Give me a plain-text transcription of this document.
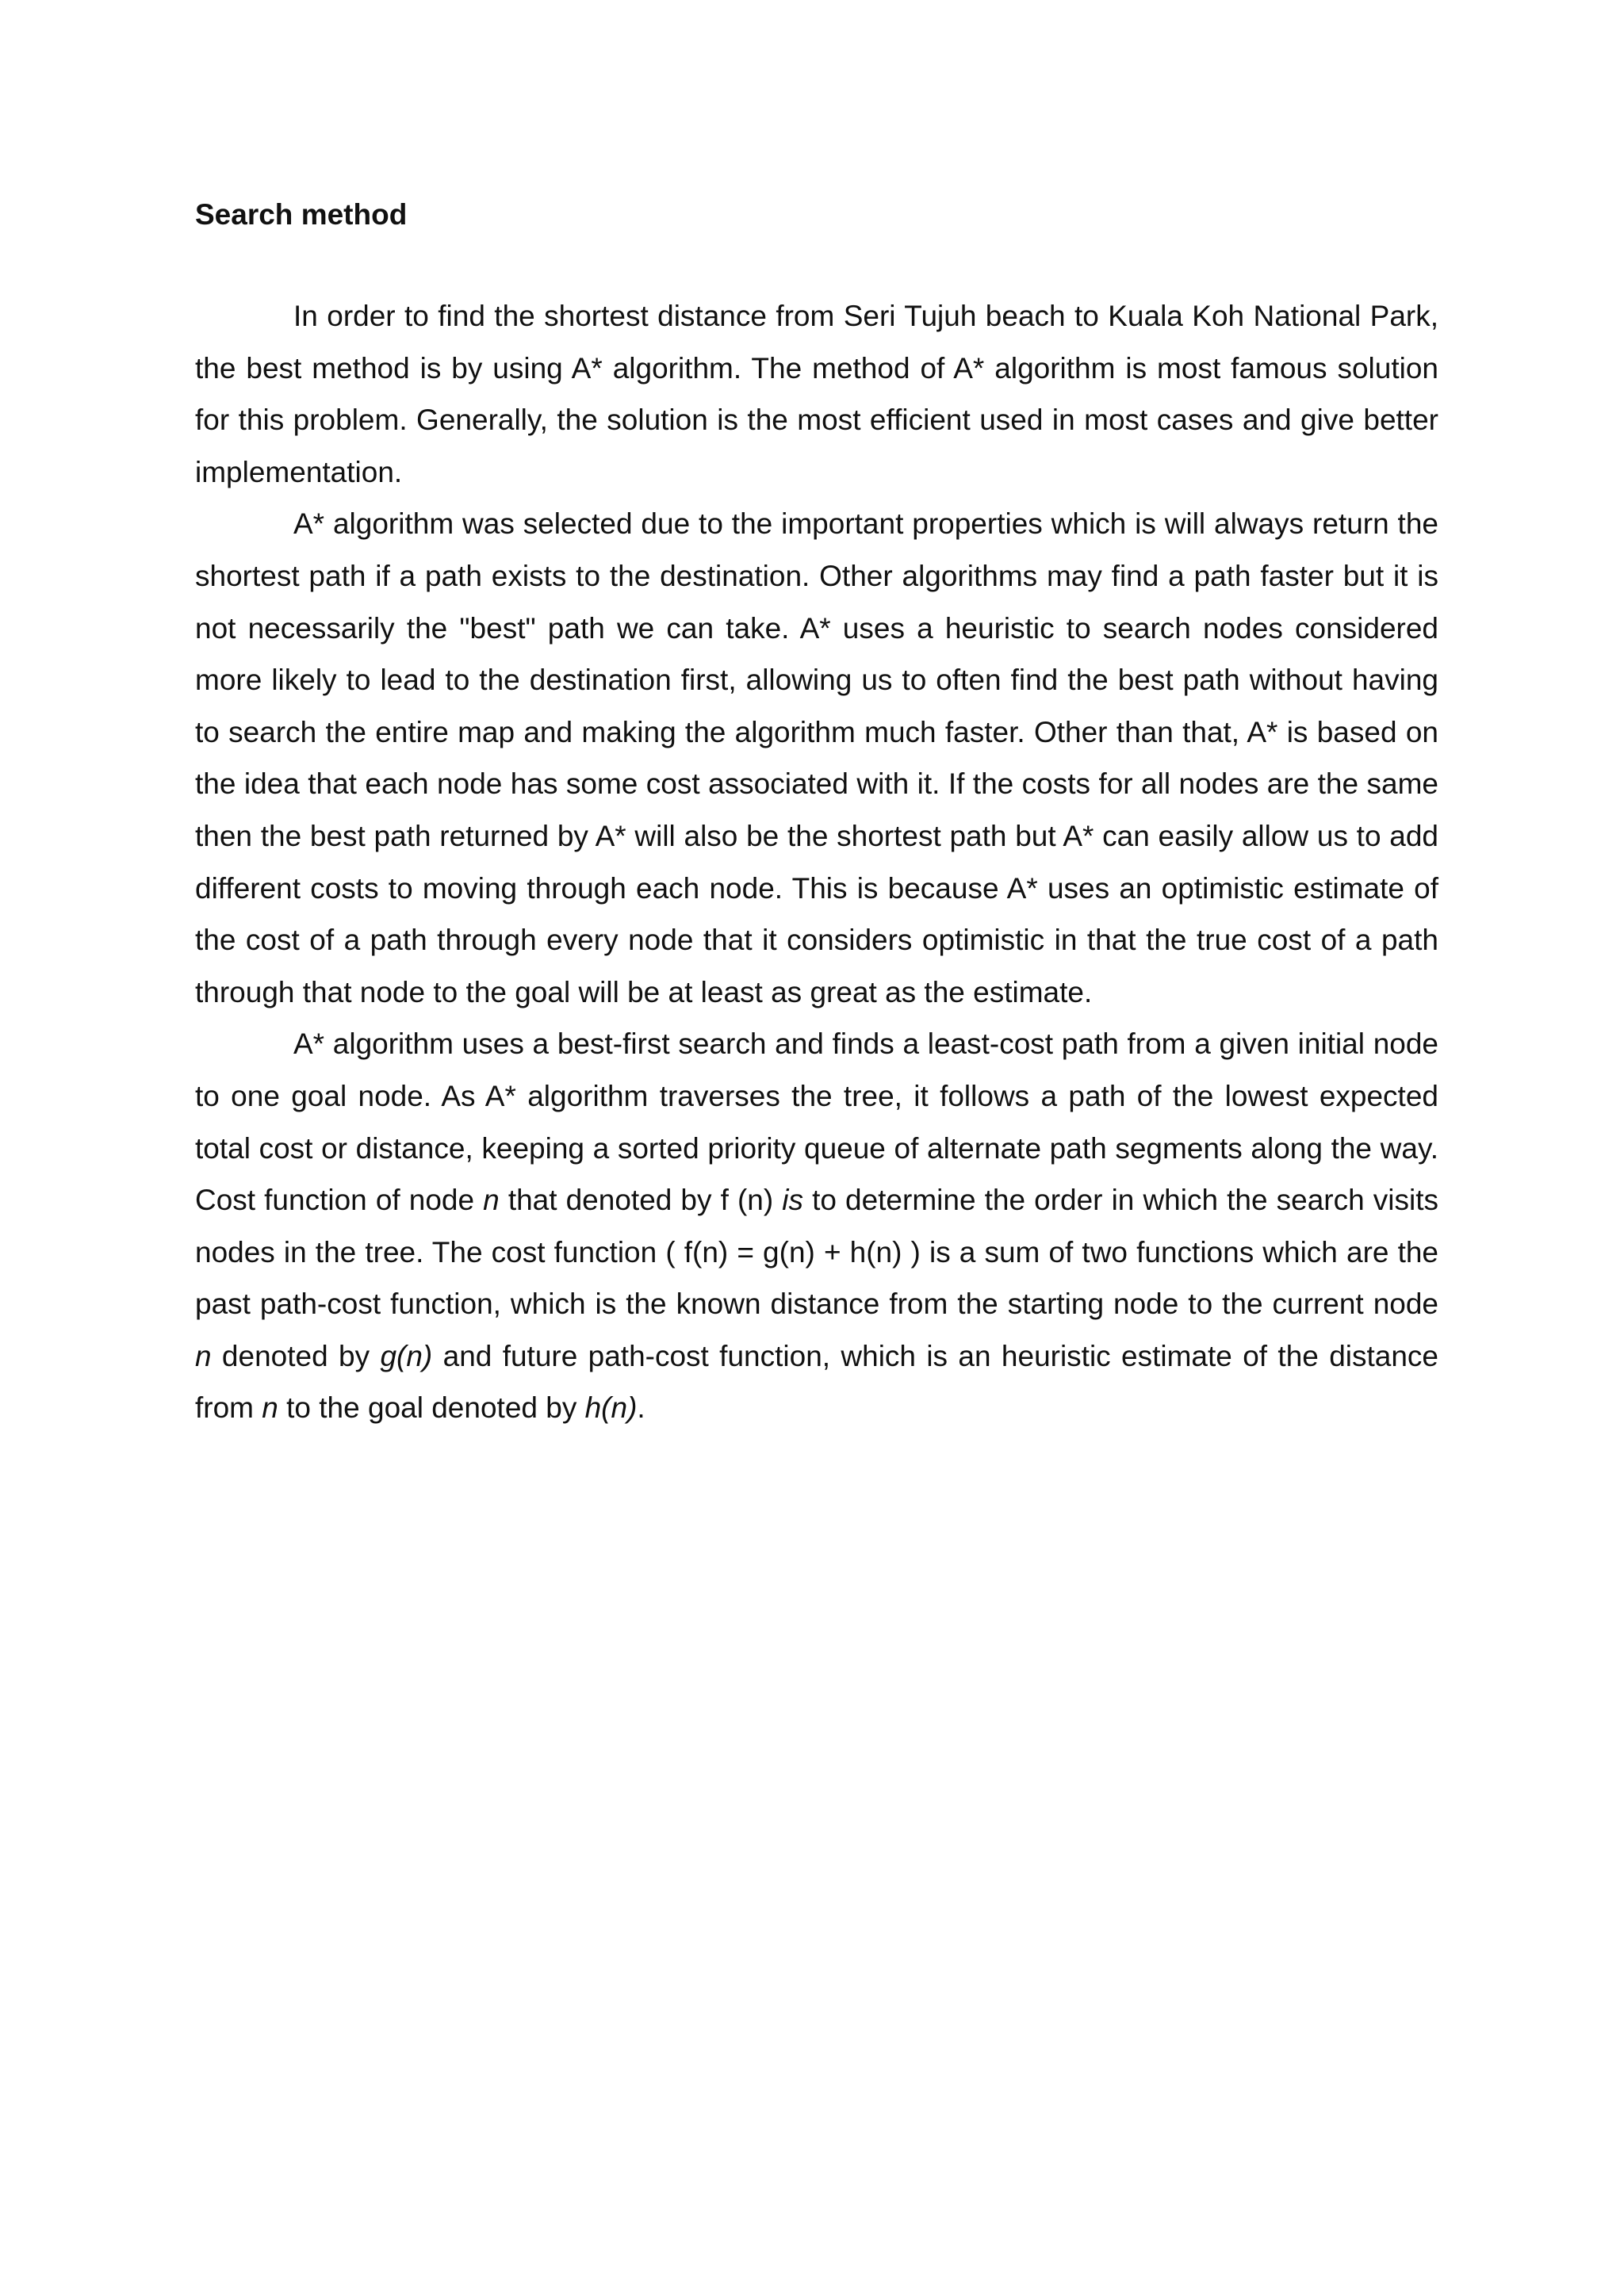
Search method

In order to find the shortest distance from Seri Tujuh beach to Kuala Koh National Park, the best method is by using A* algorithm. The method of A* algorithm is most famous solution for this problem. Generally, the solution is the most efficient used in most cases and give better implementation.

A* algorithm was selected due to the important properties which is will always return the shortest path if a path exists to the destination. Other algorithms may find a path faster but it is not necessarily the "best" path we can take. A* uses a heuristic to search nodes considered more likely to lead to the destination first, allowing us to often find the best path without having to search the entire map and making the algorithm much faster. Other than that, A* is based on the idea that each node has some cost associated with it. If the costs for all nodes are the same then the best path returned by A* will also be the shortest path but A* can easily allow us to add different costs to moving through each node. This is because A* uses an optimistic estimate of the cost of a path through every node that it considers optimistic in that the true cost of a path through that node to the goal will be at least as great as the estimate.

A* algorithm uses a best-first search and finds a least-cost path from a given initial node to one goal node. As A* algorithm traverses the tree, it follows a path of the lowest expected total cost or distance, keeping a sorted priority queue of alternate path segments along the way. Cost function of node n that denoted by f (n) is to determine the order in which the search visits nodes in the tree. The cost function ( f(n) = g(n) + h(n) ) is a sum of two functions which are the past path-cost function, which is the known distance from the starting node to the current node n denoted by g(n) and future path-cost function, which is an heuristic estimate of the distance from n to the goal denoted by h(n).
